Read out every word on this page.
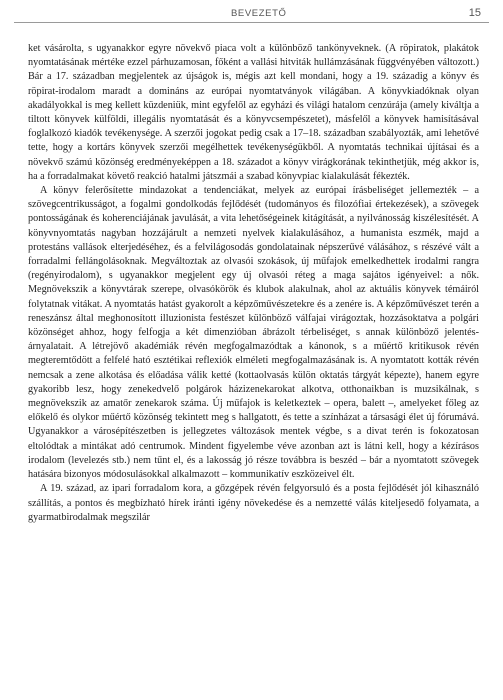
BEVEZETŐ	15

ket vásárolta, s ugyanakkor egyre növekvő piaca volt a különböző tankönyveknek. (A röpiratok, plakátok nyomtatásának mértéke ezzel párhuzamosan, főként a vallási hitviták hullámzásának függvényében változott.) Bár a 17. században megjelentek az újságok is, mégis azt kell mondani, hogy a 19. századig a könyv és röpirat-irodalom maradt a domináns az európai nyomtatványok világában. A könyvkiadóknak olyan akadályokkal is meg kellett küzdeniük, mint egyfelől az egyházi és világi hatalom cenzúrája (amely kiváltja a tiltott könyvek külföldi, illegális nyomtatását és a könyvcsempészetet), másfelől a könyvek hamisításával foglalkozó kiadók tevékenysége. A szerzői jogokat pedig csak a 17–18. században szabályozták, ami lehetővé tette, hogy a kortárs könyvek szerzői megélhettek tevékenységükből. A nyomtatás technikai újításai és a növekvő számú közönség eredményeképpen a 18. századot a könyv virágkorának tekinthetjük, még akkor is, ha a forradalmakat követő reakció hatalmi játszmái a szabad könyvpiac kialakulását fékezték.

A könyv felerősítette mindazokat a tendenciákat, melyek az európai írásbeliséget jellemezték – a szövegcentrikusságot, a fogalmi gondolkodás fejlődését (tudományos és filozófiai értekezések), a szövegek pontosságának és koherenciájának javulását, a vita lehetőségeinek kitágítását, a nyilvánosság kiszélesítését. A könyvnyomtatás nagyban hozzájárult a nemzeti nyelvek kialakulásához, a humanista eszmék, majd a protestáns vallások elterjedéséhez, és a felvilágosodás gondolatainak népszerűvé válásához, s részévé vált a forradalmi fellángolásoknak. Megváltoztak az olvasói szokások, új műfajok emelkedhettek irodalmi rangra (regényirodalom), s ugyanakkor megjelent egy új olvasói réteg a maga sajátos igényeivel: a nők. Megnövekszik a könyvtárak szerepe, olvasókörök és klubok alakulnak, ahol az aktuális könyvek témáiról folytatnak vitákat. A nyomtatás hatást gyakorolt a képzőművészetekre és a zenére is. A képzőművészet terén a reneszánsz által meghonosított illuzionista festészet különböző válfajai virágoztak, hozzásoktatva a polgári közönséget ahhoz, hogy felfogja a két dimenzióban ábrázolt térbeliséget, s annak különböző jelentésárnyalatait. A létrejövő akadémiák révén megfogalmazódtak a kánonok, s a műértő kritikusok révén megteremtődött a felfelé ható esztétikai reflexiók elméleti megfogalmazásának is. A nyomtatott kották révén nemcsak a zene alkotása és előadása válik ketté (kottaolvasás külön oktatás tárgyát képezte), hanem egyre gyakoribb lesz, hogy zenekedvelő polgárok házizenekarokat alkotva, otthonaikban is muzsikálnak, s megnövekszik az amatőr zenekarok száma. Új műfajok is keletkeztek – opera, balett –, amelyeket főleg az előkelő és olykor műértő közönség tekintett meg s hallgatott, és tette a színházat a társasági élet új fórumává. Ugyanakkor a városépítészetben is jellegzetes változások mentek végbe, s a divat terén is fokozatosan eltolódtak a mintákat adó centrumok. Mindent figyelembe véve azonban azt is látni kell, hogy a kézírásos irodalom (levelezés stb.) nem tűnt el, és a lakosság jó része továbbra is beszéd – bár a nyomtatott szövegek hatására bizonyos módosulásokkal alkalmazott – kommunikatív eszközeivel élt.

A 19. század, az ipari forradalom kora, a gőzgépek révén felgyorsuló és a posta fejlődését jól kihasználó szállítás, a pontos és megbízható hírek iránti igény növekedése és a nemzetté válás kiteljesedő folyamata, a gyarmatbirodalmak megszilár
